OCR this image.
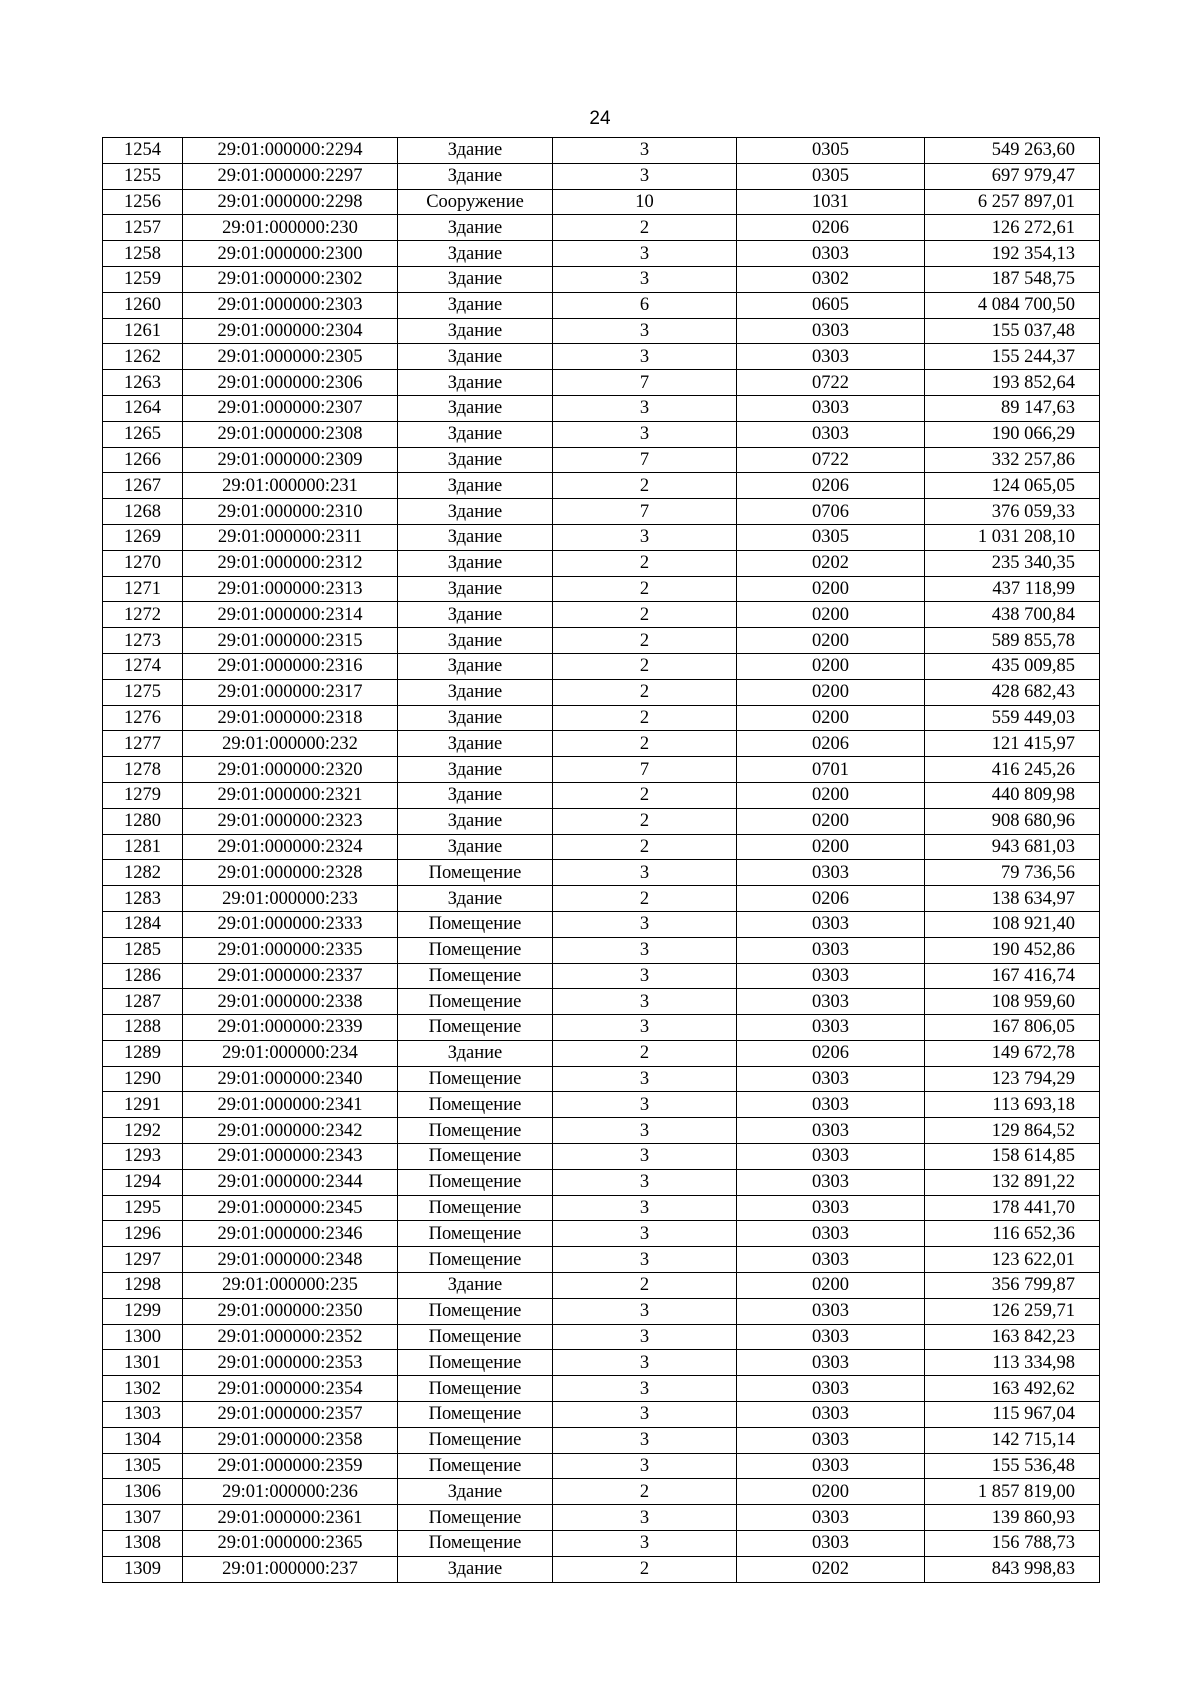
24
1254	29:01:000000:2294	Здание	3	0305	549 263,60
1255	29:01:000000:2297	Здание	3	0305	697 979,47
1256	29:01:000000:2298	Сооружение	10	1031	6 257 897,01
1257	29:01:000000:230	Здание	2	0206	126 272,61
1258	29:01:000000:2300	Здание	3	0303	192 354,13
1259	29:01:000000:2302	Здание	3	0302	187 548,75
1260	29:01:000000:2303	Здание	6	0605	4 084 700,50
1261	29:01:000000:2304	Здание	3	0303	155 037,48
1262	29:01:000000:2305	Здание	3	0303	155 244,37
1263	29:01:000000:2306	Здание	7	0722	193 852,64
1264	29:01:000000:2307	Здание	3	0303	89 147,63
1265	29:01:000000:2308	Здание	3	0303	190 066,29
1266	29:01:000000:2309	Здание	7	0722	332 257,86
1267	29:01:000000:231	Здание	2	0206	124 065,05
1268	29:01:000000:2310	Здание	7	0706	376 059,33
1269	29:01:000000:2311	Здание	3	0305	1 031 208,10
1270	29:01:000000:2312	Здание	2	0202	235 340,35
1271	29:01:000000:2313	Здание	2	0200	437 118,99
1272	29:01:000000:2314	Здание	2	0200	438 700,84
1273	29:01:000000:2315	Здание	2	0200	589 855,78
1274	29:01:000000:2316	Здание	2	0200	435 009,85
1275	29:01:000000:2317	Здание	2	0200	428 682,43
1276	29:01:000000:2318	Здание	2	0200	559 449,03
1277	29:01:000000:232	Здание	2	0206	121 415,97
1278	29:01:000000:2320	Здание	7	0701	416 245,26
1279	29:01:000000:2321	Здание	2	0200	440 809,98
1280	29:01:000000:2323	Здание	2	0200	908 680,96
1281	29:01:000000:2324	Здание	2	0200	943 681,03
1282	29:01:000000:2328	Помещение	3	0303	79 736,56
1283	29:01:000000:233	Здание	2	0206	138 634,97
1284	29:01:000000:2333	Помещение	3	0303	108 921,40
1285	29:01:000000:2335	Помещение	3	0303	190 452,86
1286	29:01:000000:2337	Помещение	3	0303	167 416,74
1287	29:01:000000:2338	Помещение	3	0303	108 959,60
1288	29:01:000000:2339	Помещение	3	0303	167 806,05
1289	29:01:000000:234	Здание	2	0206	149 672,78
1290	29:01:000000:2340	Помещение	3	0303	123 794,29
1291	29:01:000000:2341	Помещение	3	0303	113 693,18
1292	29:01:000000:2342	Помещение	3	0303	129 864,52
1293	29:01:000000:2343	Помещение	3	0303	158 614,85
1294	29:01:000000:2344	Помещение	3	0303	132 891,22
1295	29:01:000000:2345	Помещение	3	0303	178 441,70
1296	29:01:000000:2346	Помещение	3	0303	116 652,36
1297	29:01:000000:2348	Помещение	3	0303	123 622,01
1298	29:01:000000:235	Здание	2	0200	356 799,87
1299	29:01:000000:2350	Помещение	3	0303	126 259,71
1300	29:01:000000:2352	Помещение	3	0303	163 842,23
1301	29:01:000000:2353	Помещение	3	0303	113 334,98
1302	29:01:000000:2354	Помещение	3	0303	163 492,62
1303	29:01:000000:2357	Помещение	3	0303	115 967,04
1304	29:01:000000:2358	Помещение	3	0303	142 715,14
1305	29:01:000000:2359	Помещение	3	0303	155 536,48
1306	29:01:000000:236	Здание	2	0200	1 857 819,00
1307	29:01:000000:2361	Помещение	3	0303	139 860,93
1308	29:01:000000:2365	Помещение	3	0303	156 788,73
1309	29:01:000000:237	Здание	2	0202	843 998,83
